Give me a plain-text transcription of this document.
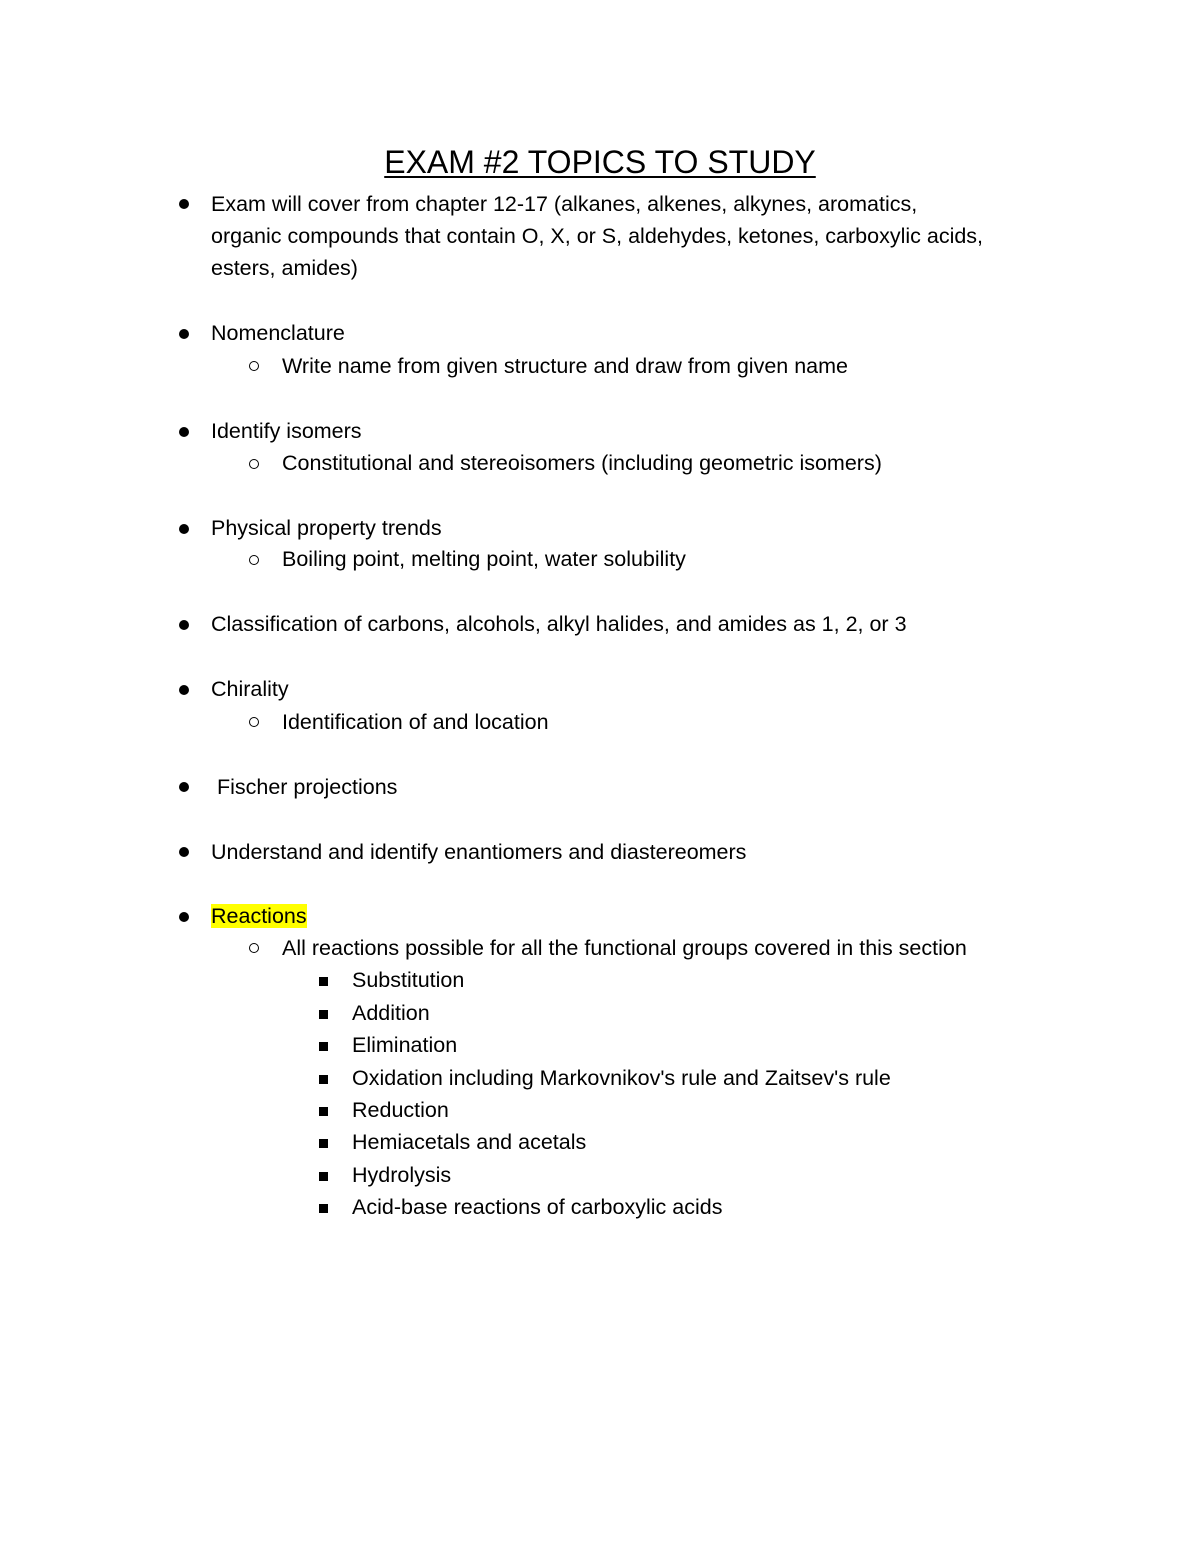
EXAM #2 TOPICS TO STUDY
Exam will cover from chapter 12-17 (alkanes, alkenes, alkynes, aromatics,
organic compounds that contain O, X, or S, aldehydes, ketones, carboxylic acids,
esters, amides)
Nomenclature
Write name from given structure and draw from given name
Identify isomers
Constitutional and stereoisomers (including geometric isomers)
Physical property trends
Boiling point, melting point, water solubility
Classification of carbons, alcohols, alkyl halides, and amides as 1, 2, or 3
Chirality
Identification of and location
Fischer projections
Understand and identify enantiomers and diastereomers
Reactions
All reactions possible for all the functional groups covered in this section
Substitution
Addition
Elimination
Oxidation including Markovnikov's rule and Zaitsev's rule
Reduction
Hemiacetals and acetals
Hydrolysis
Acid-base reactions of carboxylic acids
